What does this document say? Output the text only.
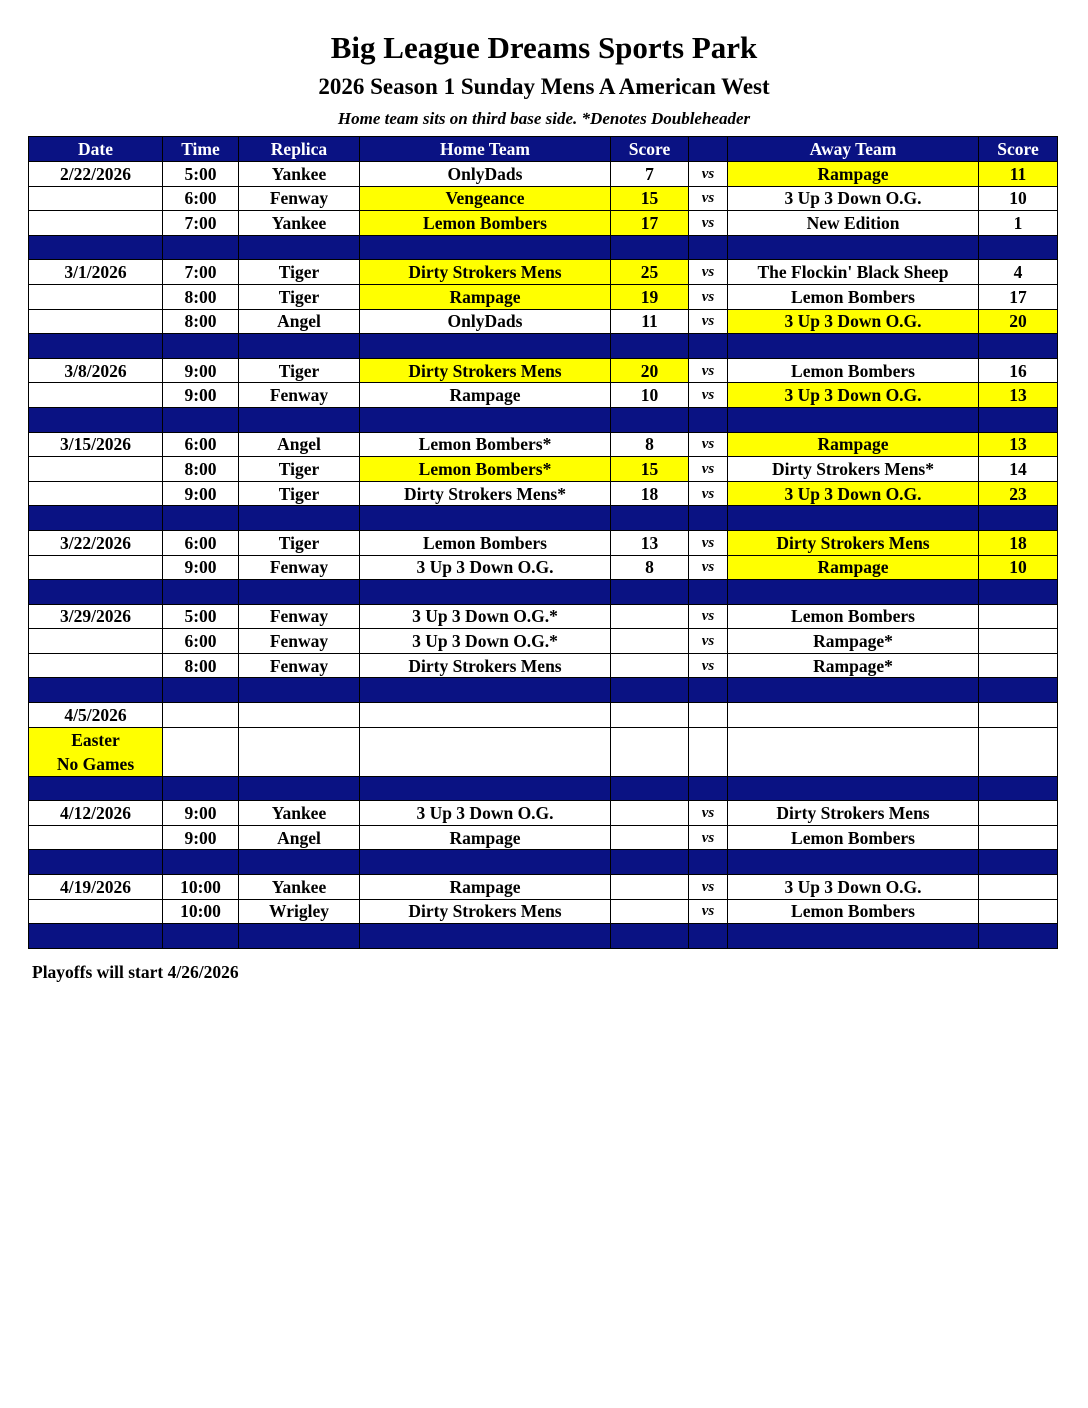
Big League Dreams Sports Park
2026 Season 1 Sunday Mens A American West
Home team sits on third base side. *Denotes Doubleheader
Date	Time	Replica	Home Team	Score		Away Team	Score
2/22/2026	5:00	Yankee	OnlyDads	7	vs	Rampage	11
	6:00	Fenway	Vengeance	15	vs	3 Up 3 Down O.G.	10
	7:00	Yankee	Lemon Bombers	17	vs	New Edition	1

3/1/2026	7:00	Tiger	Dirty Strokers Mens	25	vs	The Flockin' Black Sheep	4
	8:00	Tiger	Rampage	19	vs	Lemon Bombers	17
	8:00	Angel	OnlyDads	11	vs	3 Up 3 Down O.G.	20

3/8/2026	9:00	Tiger	Dirty Strokers Mens	20	vs	Lemon Bombers	16
	9:00	Fenway	Rampage	10	vs	3 Up 3 Down O.G.	13

3/15/2026	6:00	Angel	Lemon Bombers*	8	vs	Rampage	13
	8:00	Tiger	Lemon Bombers*	15	vs	Dirty Strokers Mens*	14
	9:00	Tiger	Dirty Strokers Mens*	18	vs	3 Up 3 Down O.G.	23

3/22/2026	6:00	Tiger	Lemon Bombers	13	vs	Dirty Strokers Mens	18
	9:00	Fenway	3 Up 3 Down O.G.	8	vs	Rampage	10

3/29/2026	5:00	Fenway	3 Up 3 Down O.G.*		vs	Lemon Bombers	
	6:00	Fenway	3 Up 3 Down O.G.*		vs	Rampage*	
	8:00	Fenway	Dirty Strokers Mens		vs	Rampage*	

4/5/2026							

Easter
No Games							

4/12/2026	9:00	Yankee	3 Up 3 Down O.G.		vs	Dirty Strokers Mens	
	9:00	Angel	Rampage		vs	Lemon Bombers	

4/19/2026	10:00	Yankee	Rampage		vs	3 Up 3 Down O.G.	
	10:00	Wrigley	Dirty Strokers Mens		vs	Lemon Bombers	

Playoffs will start 4/26/2026
